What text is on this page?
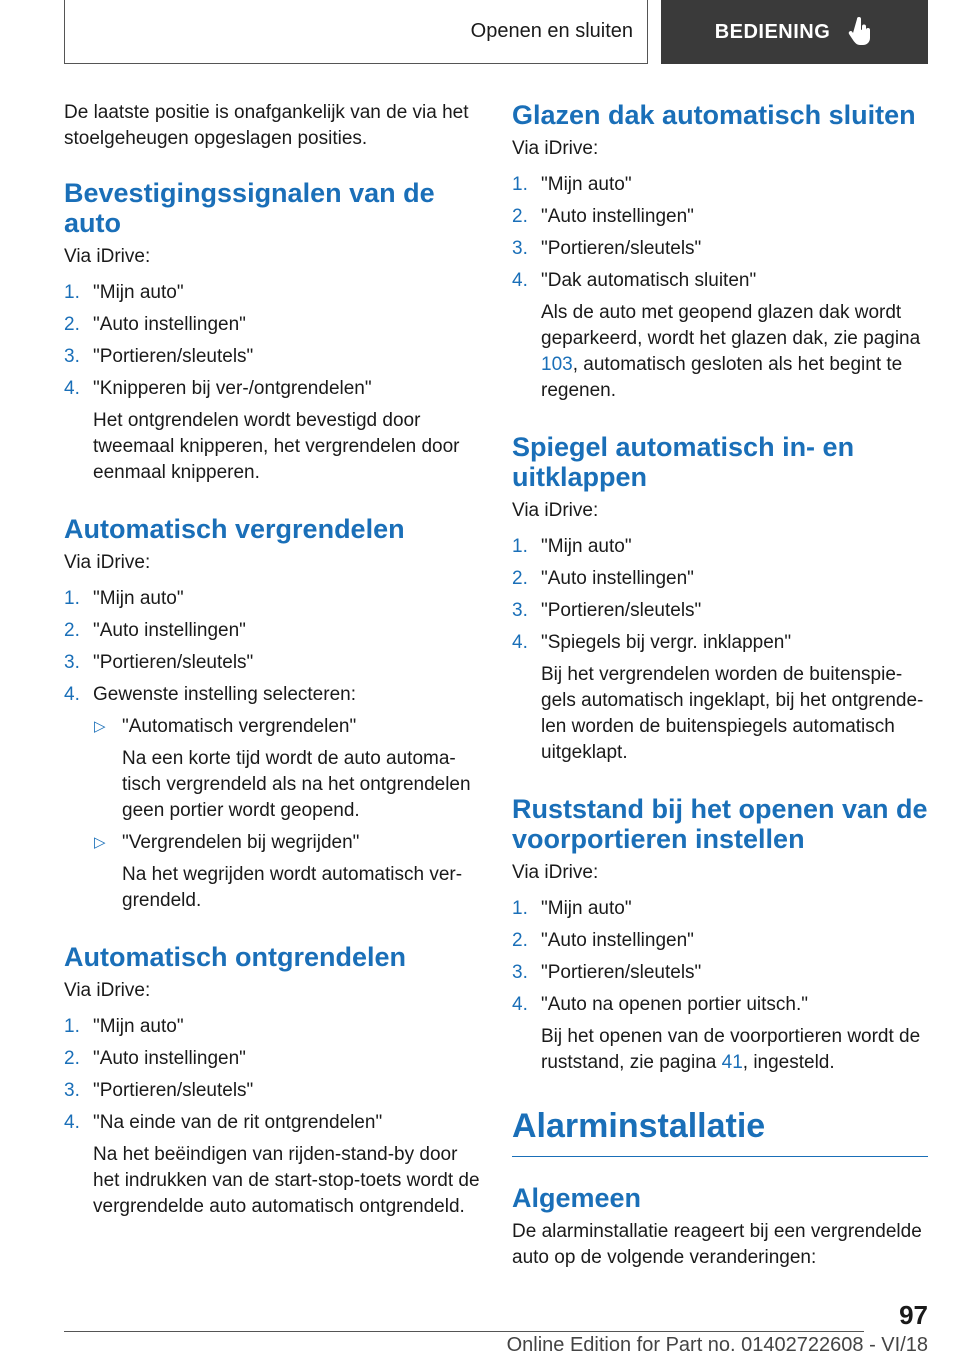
Openen en sluiten	BEDIENING

De laatste positie is onafgankelijk van de via het stoelgeheugen opgeslagen posities.

Bevestigingssignalen van de auto

Via iDrive:

1. "Mijn auto"
2. "Auto instellingen"
3. "Portieren/sleutels"
4. "Knipperen bij ver-/ontgrendelen"
Het ontgrendelen wordt bevestigd door tweemaal knipperen, het vergrendelen door eenmaal knipperen.
Automatisch vergrendelen

Via iDrive:

1. "Mijn auto"
2. "Auto instellingen"
3. "Portieren/sleutels"
4. Gewenste instelling selecteren:
▷ "Automatisch vergrendelen"
Na een korte tijd wordt de auto automatisch vergrendeld als na het ontgrendelen geen portier wordt geopend.
▷ "Vergrendelen bij wegrijden"
Na het wegrijden wordt automatisch vergrendeld.
Automatisch ontgrendelen

Via iDrive:

1. "Mijn auto"
2. "Auto instellingen"
3. "Portieren/sleutels"
4. "Na einde van de rit ontgrendelen"
Na het beëindigen van rijden-stand-by door het indrukken van de start-stop-toets wordt de vergrendelde auto automatisch ontgrendeld.
Glazen dak automatisch sluiten

Via iDrive:

1. "Mijn auto"
2. "Auto instellingen"
3. "Portieren/sleutels"
4. "Dak automatisch sluiten"
Als de auto met geopend glazen dak wordt geparkeerd, wordt het glazen dak, zie pagina 103, automatisch gesloten als het begint te regenen.
Spiegel automatisch in- en uitklappen

Via iDrive:

1. "Mijn auto"
2. "Auto instellingen"
3. "Portieren/sleutels"
4. "Spiegels bij vergr. inklappen"
Bij het vergrendelen worden de buitenspiegels automatisch ingeklapt, bij het ontgrendelen worden de buitenspiegels automatisch uitgeklapt.
Ruststand bij het openen van de voorportieren instellen

Via iDrive:

1. "Mijn auto"
2. "Auto instellingen"
3. "Portieren/sleutels"
4. "Auto na openen portier uitsch."
Bij het openen van de voorportieren wordt de ruststand, zie pagina 41, ingesteld.
Alarminstallatie
Algemeen

De alarminstallatie reageert bij een vergrendelde auto op de volgende veranderingen:

97
Online Edition for Part no. 01402722608 - VI/18
